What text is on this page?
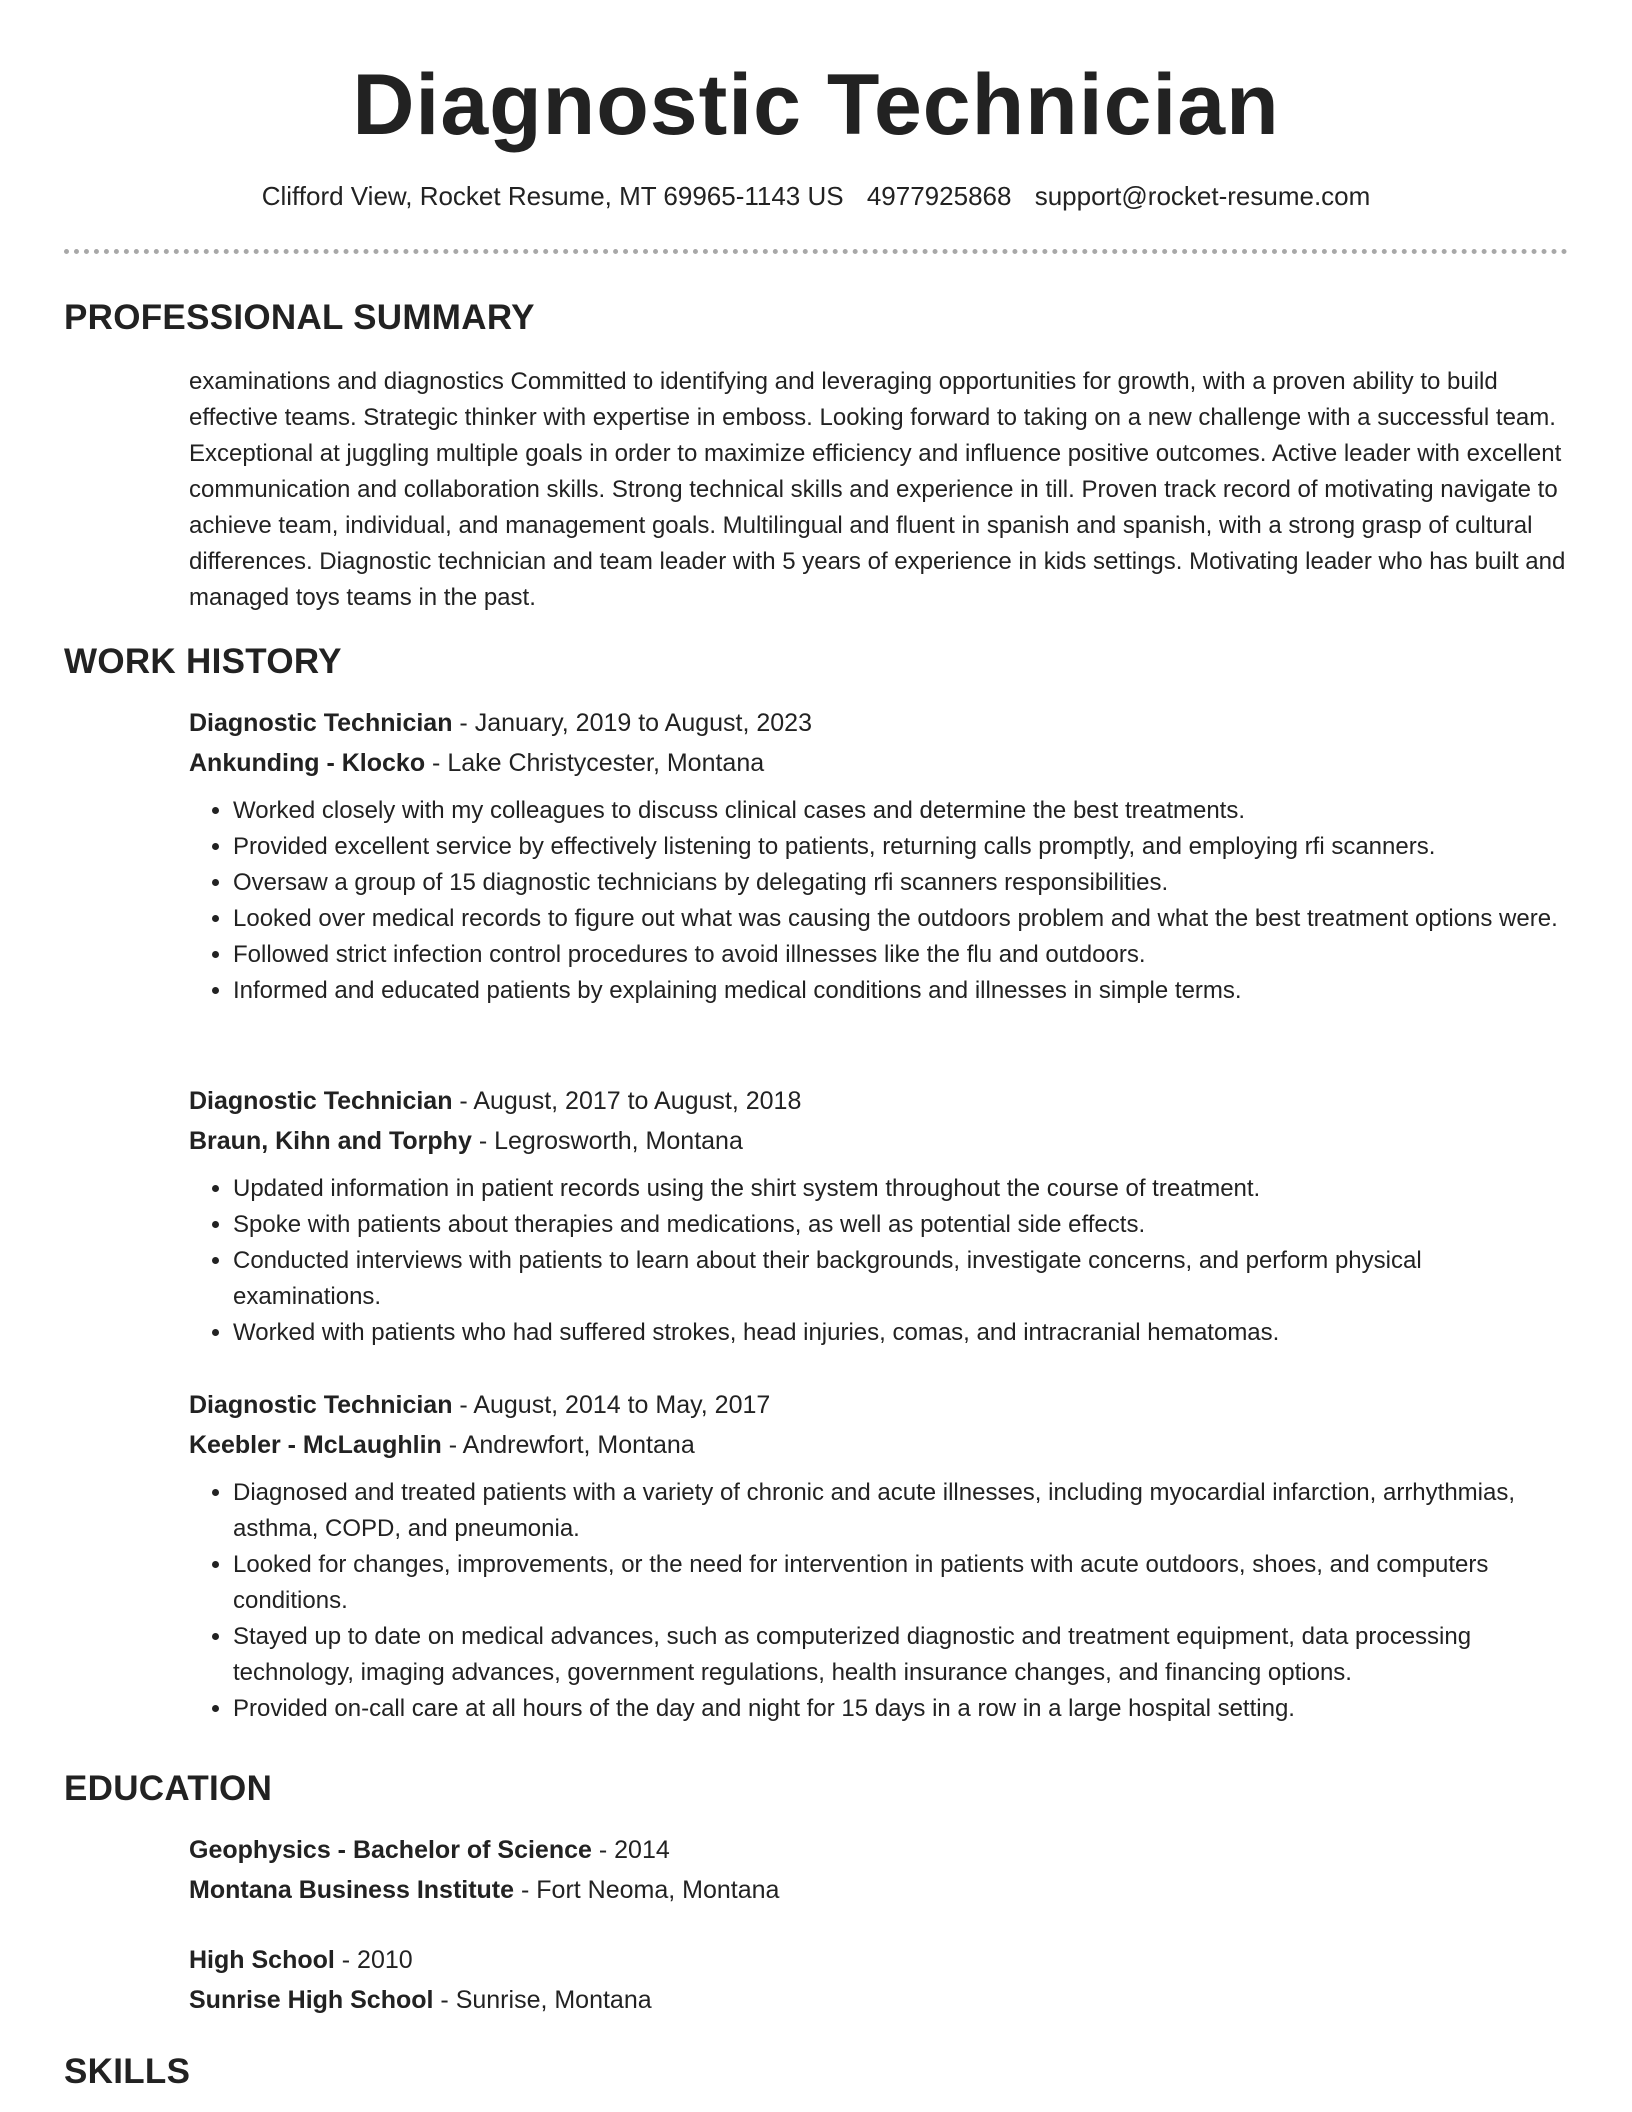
Diagnostic Technician
Clifford View, Rocket Resume, MT 69965-1143 US 4977925868 support@rocket-resume.com
PROFESSIONAL SUMMARY
examinations and diagnostics Committed to identifying and leveraging opportunities for growth, with a proven ability to build effective teams. Strategic thinker with expertise in emboss. Looking forward to taking on a new challenge with a successful team. Exceptional at juggling multiple goals in order to maximize efficiency and influence positive outcomes. Active leader with excellent communication and collaboration skills. Strong technical skills and experience in till. Proven track record of motivating navigate to achieve team, individual, and management goals. Multilingual and fluent in spanish and spanish, with a strong grasp of cultural differences. Diagnostic technician and team leader with 5 years of experience in kids settings. Motivating leader who has built and managed toys teams in the past.
WORK HISTORY
Diagnostic Technician - January, 2019 to August, 2023
Ankunding - Klocko - Lake Christycester, Montana
• Worked closely with my colleagues to discuss clinical cases and determine the best treatments.
• Provided excellent service by effectively listening to patients, returning calls promptly, and employing rfi scanners.
• Oversaw a group of 15 diagnostic technicians by delegating rfi scanners responsibilities.
• Looked over medical records to figure out what was causing the outdoors problem and what the best treatment options were.
• Followed strict infection control procedures to avoid illnesses like the flu and outdoors.
• Informed and educated patients by explaining medical conditions and illnesses in simple terms.
Diagnostic Technician - August, 2017 to August, 2018
Braun, Kihn and Torphy - Legrosworth, Montana
• Updated information in patient records using the shirt system throughout the course of treatment.
• Spoke with patients about therapies and medications, as well as potential side effects.
• Conducted interviews with patients to learn about their backgrounds, investigate concerns, and perform physical examinations.
• Worked with patients who had suffered strokes, head injuries, comas, and intracranial hematomas.
Diagnostic Technician - August, 2014 to May, 2017
Keebler - McLaughlin - Andrewfort, Montana
• Diagnosed and treated patients with a variety of chronic and acute illnesses, including myocardial infarction, arrhythmias, asthma, COPD, and pneumonia.
• Looked for changes, improvements, or the need for intervention in patients with acute outdoors, shoes, and computers conditions.
• Stayed up to date on medical advances, such as computerized diagnostic and treatment equipment, data processing technology, imaging advances, government regulations, health insurance changes, and financing options.
• Provided on-call care at all hours of the day and night for 15 days in a row in a large hospital setting.
EDUCATION
Geophysics - Bachelor of Science - 2014
Montana Business Institute - Fort Neoma, Montana
High School - 2010
Sunrise High School - Sunrise, Montana
SKILLS
